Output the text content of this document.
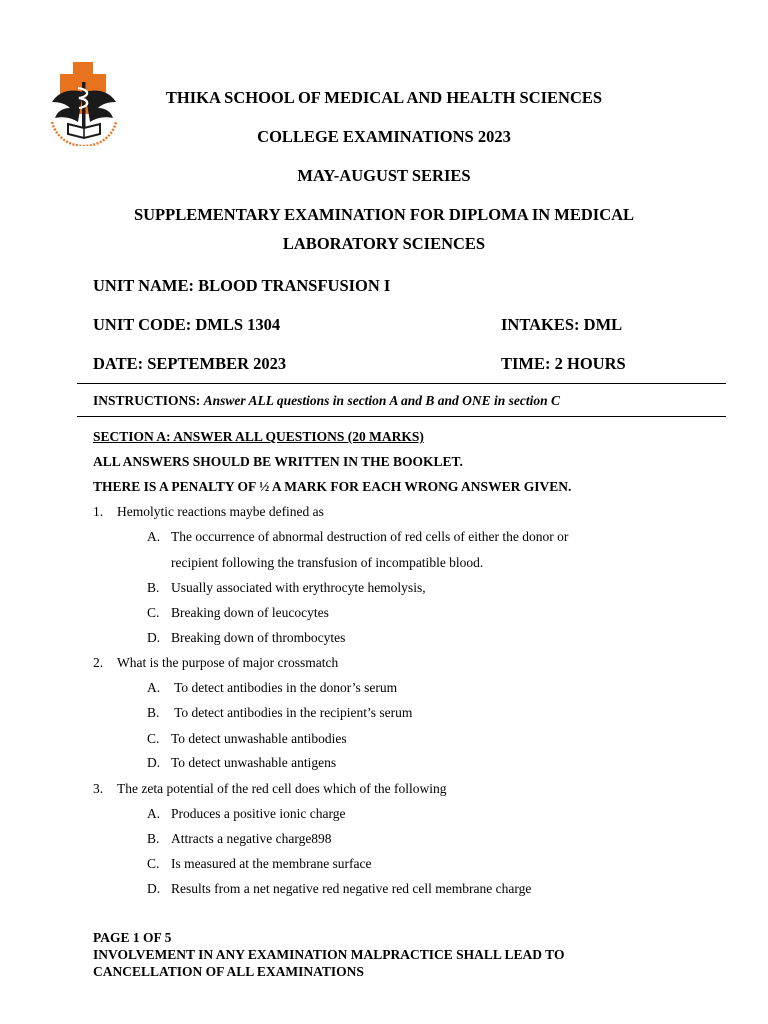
THIKA SCHOOL OF MEDICAL AND HEALTH SCIENCES
COLLEGE EXAMINATIONS 2023
MAY-AUGUST SERIES
SUPPLEMENTARY EXAMINATION FOR DIPLOMA IN MEDICAL
LABORATORY SCIENCES
UNIT NAME: BLOOD TRANSFUSION I
UNIT CODE: DMLS 1304	INTAKES: DML
DATE: SEPTEMBER 2023	TIME: 2 HOURS
INSTRUCTIONS: Answer ALL questions in section A and B and ONE in section C
SECTION A: ANSWER ALL QUESTIONS (20 MARKS)
ALL ANSWERS SHOULD BE WRITTEN IN THE BOOKLET.
THERE IS A PENALTY OF ½ A MARK FOR EACH WRONG ANSWER GIVEN.
1. Hemolytic reactions maybe defined as
A. The occurrence of abnormal destruction of red cells of either the donor or
recipient following the transfusion of incompatible blood.
B. Usually associated with erythrocyte hemolysis,
C. Breaking down of leucocytes
D. Breaking down of thrombocytes
2. What is the purpose of major crossmatch
A. To detect antibodies in the donor’s serum
B. To detect antibodies in the recipient’s serum
C. To detect unwashable antibodies
D. To detect unwashable antigens
3. The zeta potential of the red cell does which of the following
A. Produces a positive ionic charge
B. Attracts a negative charge898
C. Is measured at the membrane surface
D. Results from a net negative red negative red cell membrane charge
PAGE 1 OF 5
INVOLVEMENT IN ANY EXAMINATION MALPRACTICE SHALL LEAD TO
CANCELLATION OF ALL EXAMINATIONS
